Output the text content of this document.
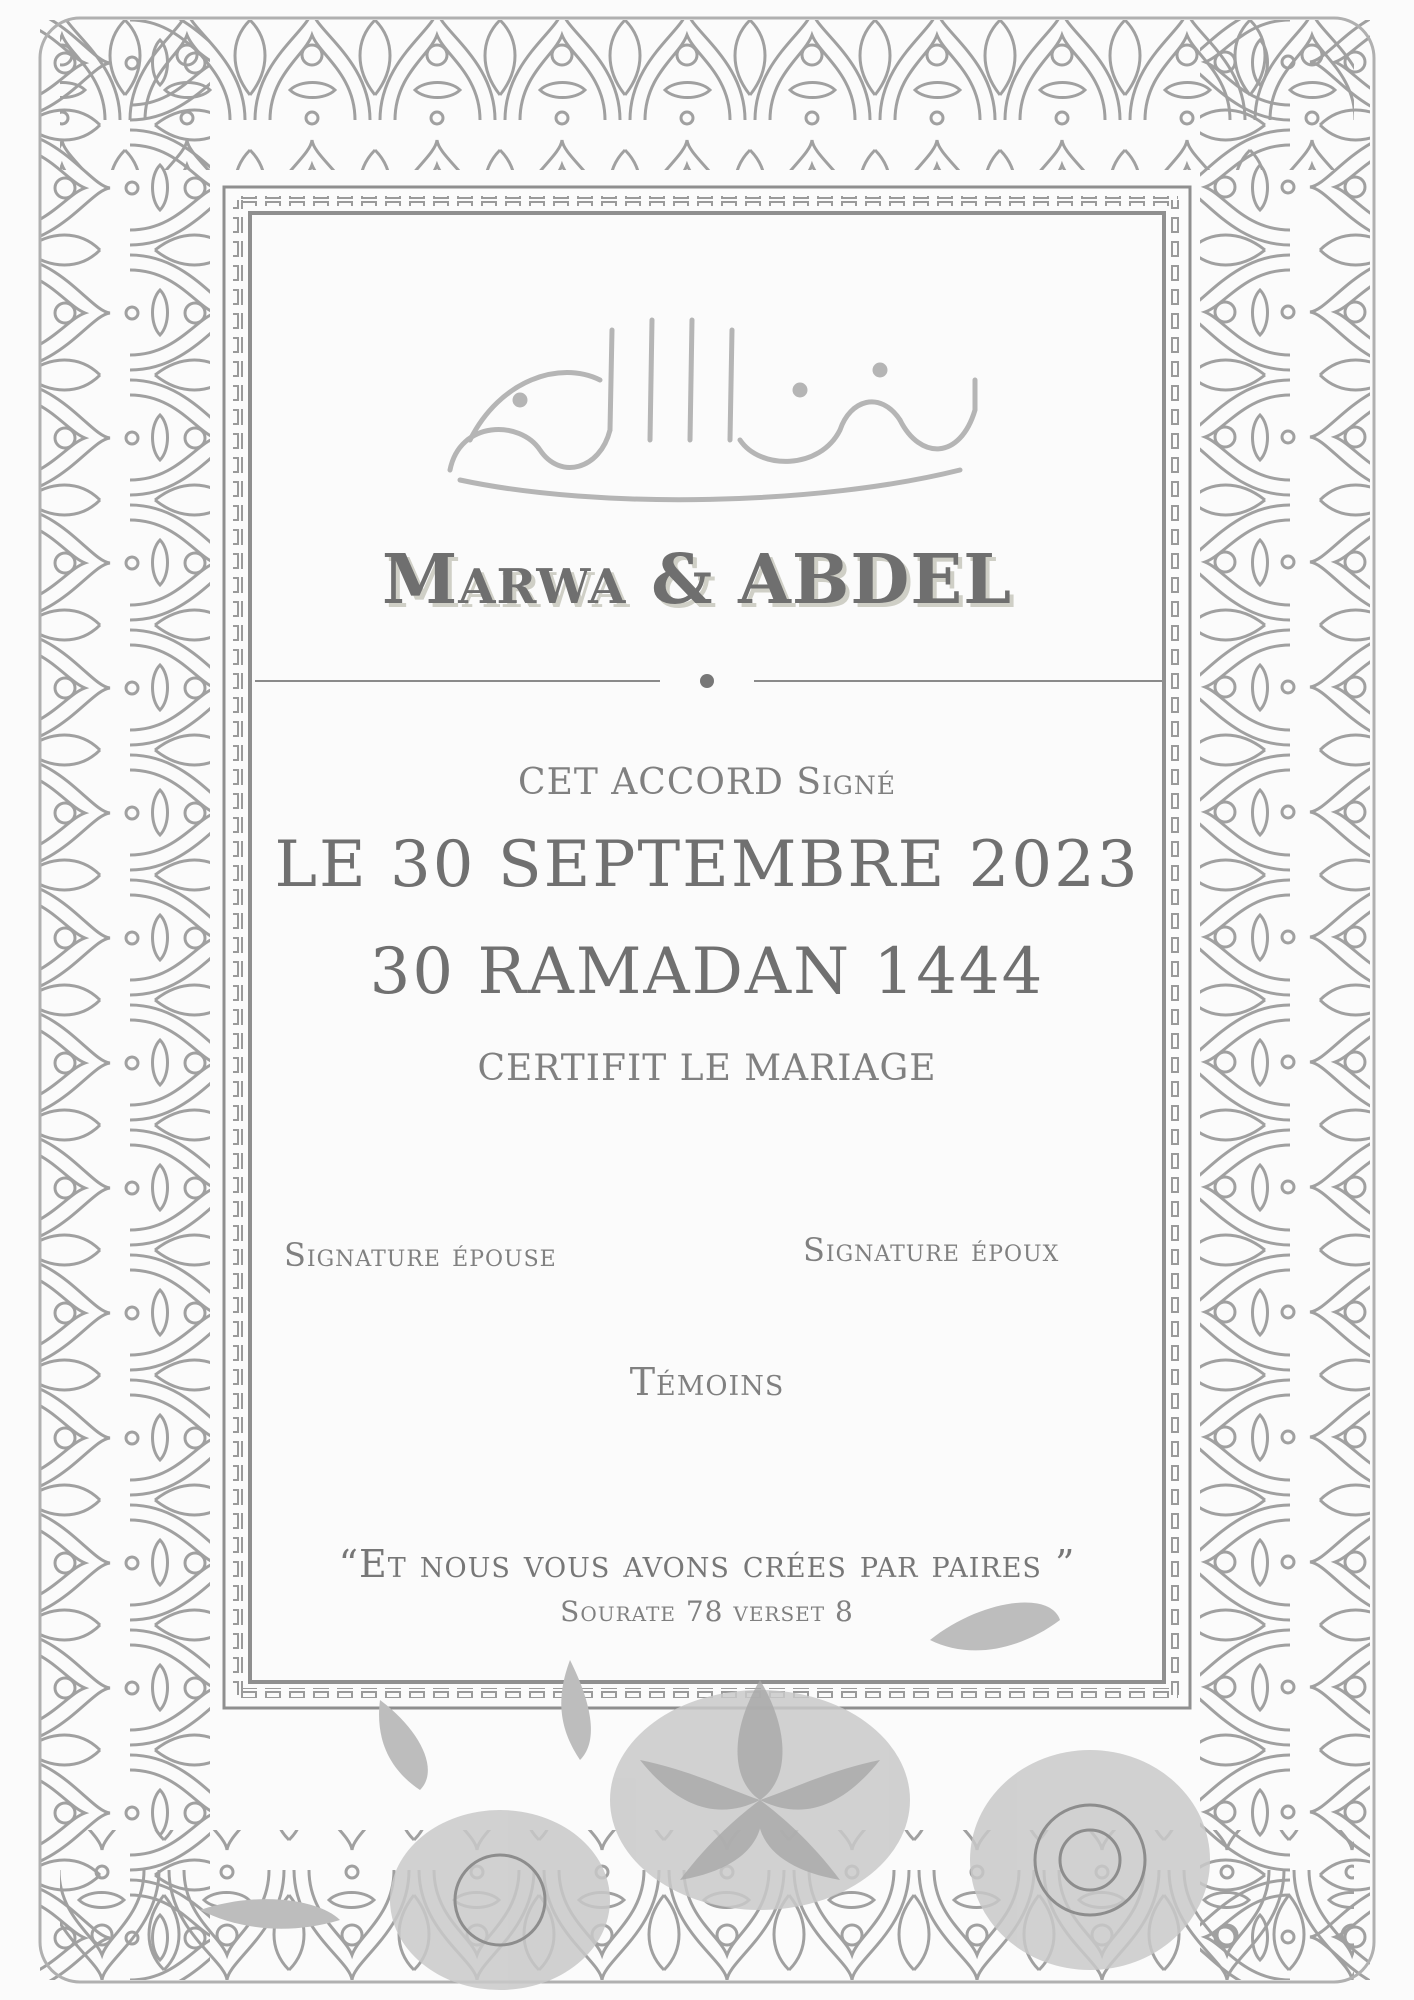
Marwa & ABDEL
CET ACCORD Signé
LE 30 SEPTEMBRE 2023
30 RAMADAN 1444
CERTIFIT LE MARIAGE
Signature épouse	Signature époux
Témoins
“Et nous vous avons crées par paires ”
Sourate 78 verset 8
